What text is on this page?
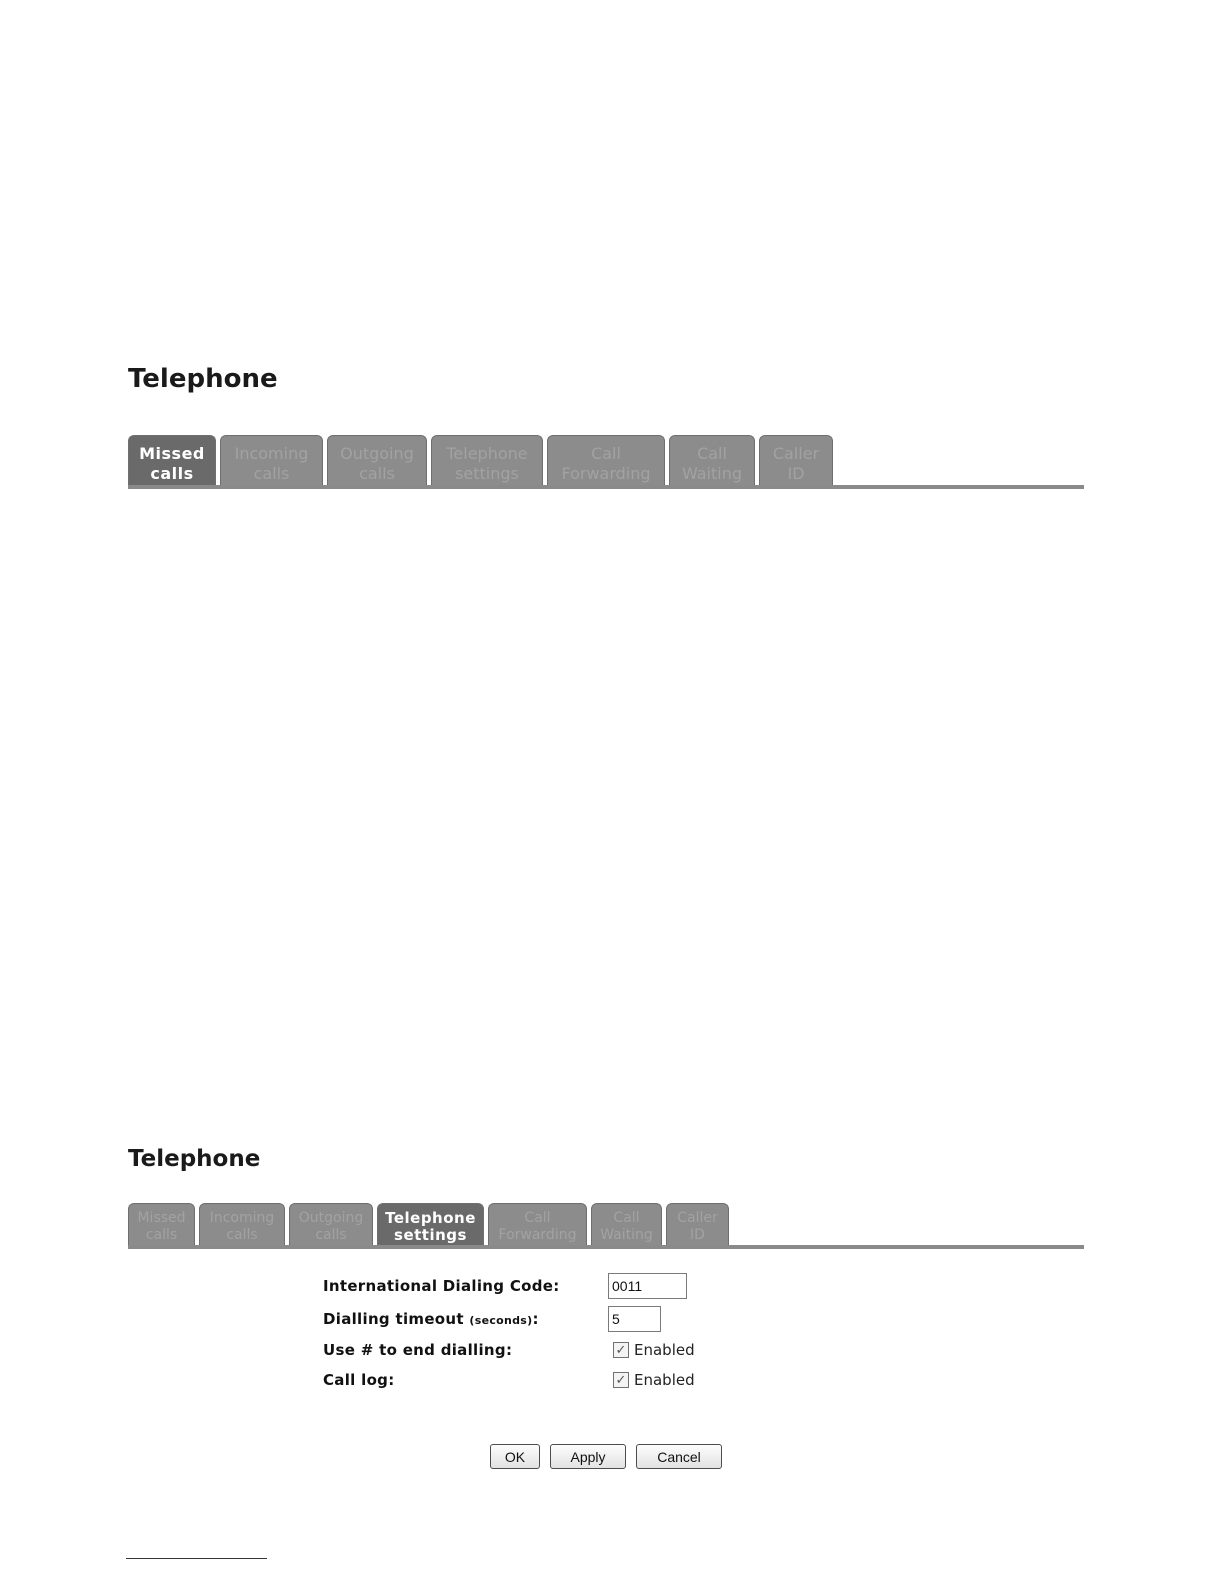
Telephone
Missed
calls
Incoming
calls
Outgoing
calls
Telephone
settings
Call
Forwarding
Call
Waiting
Caller
ID
Telephone
Missed
calls
Incoming
calls
Outgoing
calls
Telephone
settings
Call
Forwarding
Call
Waiting
Caller
ID
International Dialing Code:
0011
Dialling timeout (seconds):
5
Use # to end dialling:	✓ Enabled
Call log:	✓ Enabled
OK	Apply	Cancel
